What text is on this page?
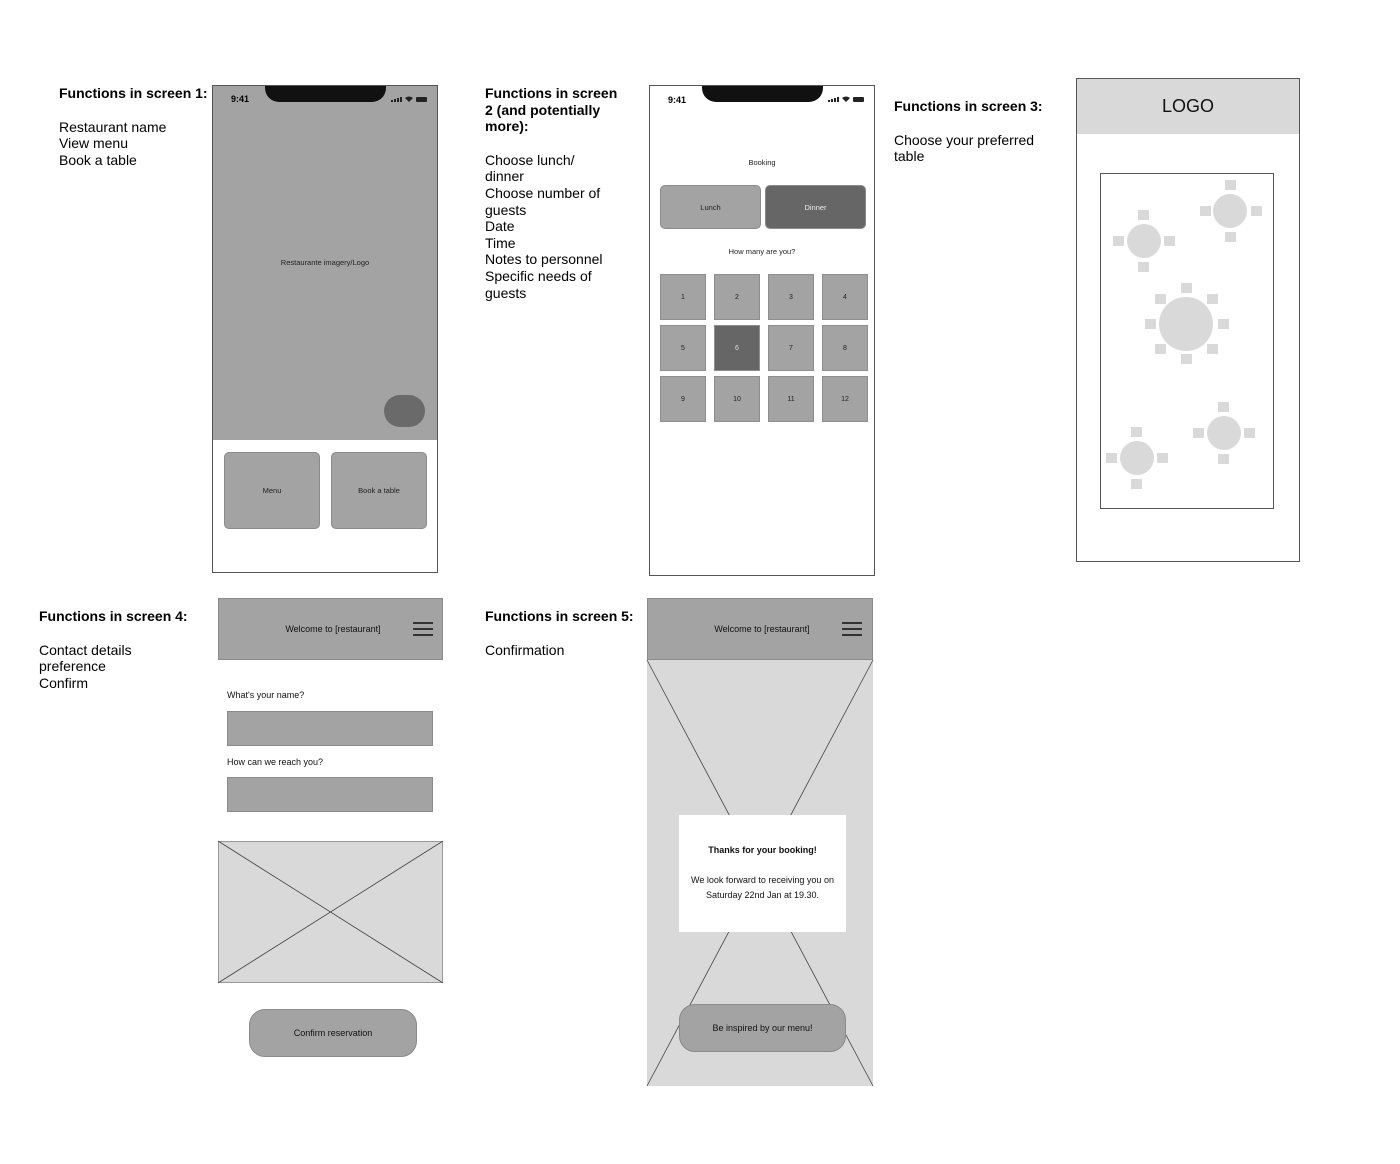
Functions in screen 1:
Restaurant name
View menu
Book a table
9:41
Restaurante imagery/Logo
Menu	Book a table
Functions in screen
2 (and potentially
more):
Choose lunch/
dinner
Choose number of
guests
Date
Time
Notes to personnel
Specific needs of
guests
9:41
Booking
Lunch	Dinner
How many are you?
1	2	3	4
5	6	7	8
9	10	11	12
Functions in screen 3:
Choose your preferred
table
LOGO
Functions in screen 4:
Contact details
preference
Confirm
Welcome to [restaurant]
What's your name?
How can we reach you?
Confirm reservation
Functions in screen 5:
Confirmation
Welcome to [restaurant]
Thanks for your booking!
We look forward to receiving you on
Saturday 22nd Jan at 19.30.
Be inspired by our menu!
